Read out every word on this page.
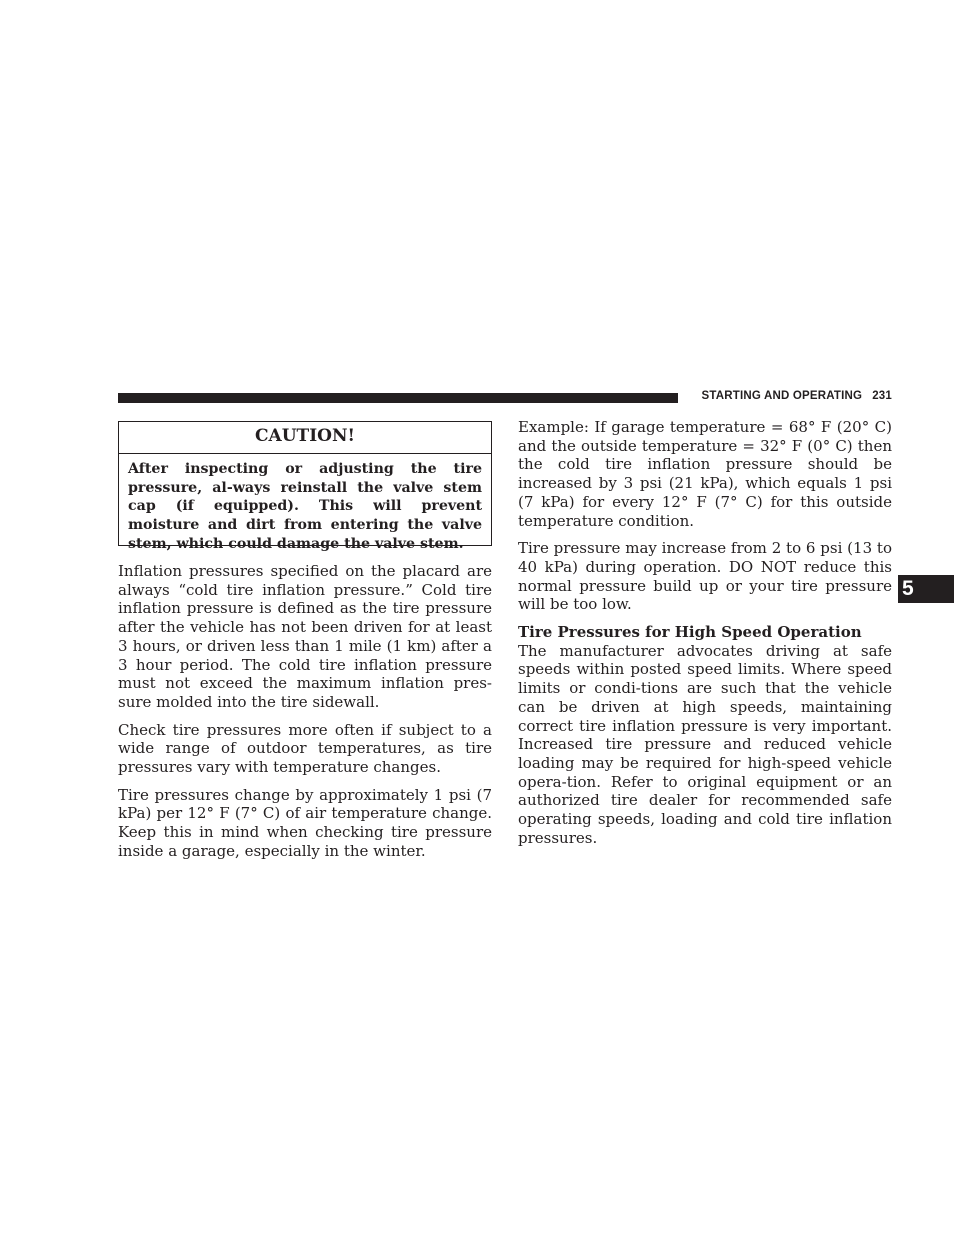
STARTING AND OPERATING 231
5
CAUTION!
After inspecting or adjusting the tire pressure, al-ways reinstall the valve stem cap (if equipped). This will prevent moisture and dirt from entering the valve stem, which could damage the valve stem.

Inflation pressures specified on the placard are always “cold tire inflation pressure.” Cold tire inflation pressure is defined as the tire pressure after the vehicle has not been driven for at least 3 hours, or driven less than 1 mile (1 km) after a 3 hour period. The cold tire inflation pressure must not exceed the maximum inflation pres-sure molded into the tire sidewall.

Check tire pressures more often if subject to a wide range of outdoor temperatures, as tire pressures vary with temperature changes.

Tire pressures change by approximately 1 psi (7 kPa) per 12° F (7° C) of air temperature change. Keep this in mind when checking tire pressure inside a garage, especially in the winter.

Example: If garage temperature = 68° F (20° C) and the outside temperature = 32° F (0° C) then the cold tire inflation pressure should be increased by 3 psi (21 kPa), which equals 1 psi (7 kPa) for every 12° F (7° C) for this outside temperature condition.

Tire pressure may increase from 2 to 6 psi (13 to 40 kPa) during operation. DO NOT reduce this normal pressure build up or your tire pressure will be too low.

Tire Pressures for High Speed Operation

The manufacturer advocates driving at safe speeds within posted speed limits. Where speed limits or condi-tions are such that the vehicle can be driven at high speeds, maintaining correct tire inflation pressure is very important. Increased tire pressure and reduced vehicle loading may be required for high-speed vehicle opera-tion. Refer to original equipment or an authorized tire dealer for recommended safe operating speeds, loading and cold tire inflation pressures.
